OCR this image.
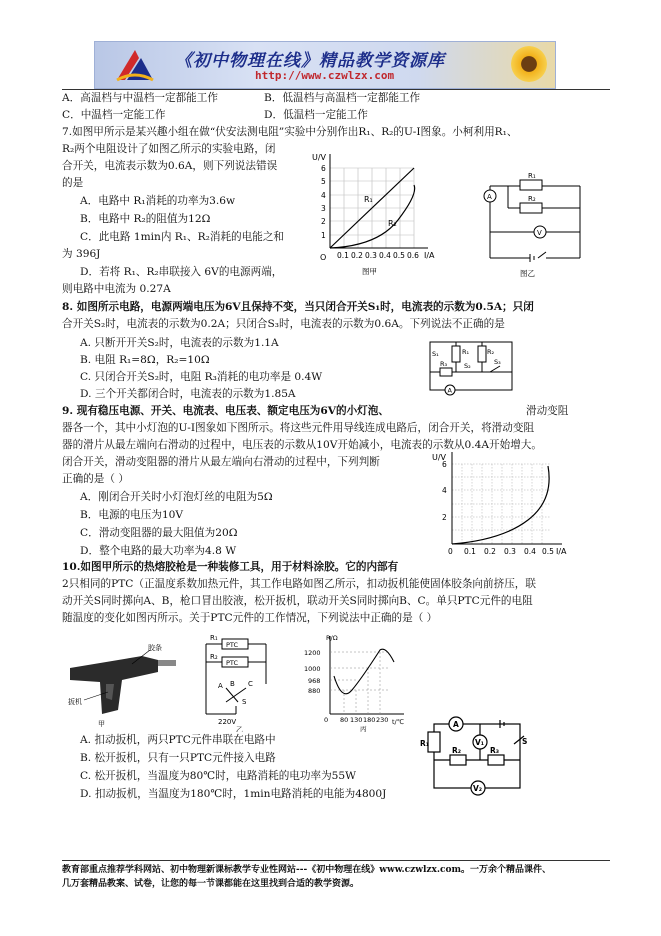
《初中物理在线》精品教学资源库
http://www.czwlzx.com
A．高温档与中温档一定都能工作	B．低温档与高温档一定都能工作
C．中温档一定能工作	D．低温档一定能工作
7.如图甲所示是某兴趣小组在做“伏安法测电阻”实验中分别作出R₁、R₂的U-I图象。小柯利用R₁、
R₂两个电阻设计了如图乙所示的实验电路，闭
合开关，电流表示数为0.6A，则下列说法错误
的是
A．电路中 R₁消耗的功率为3.6w
B．电路中 R₂的阻值为12Ω
C．此电路 1min内 R₁、R₂消耗的电能之和
为 396J
D．若将 R₁、R₂串联接入 6V的电源两端，
则电路中电流为 0.27A
U/V
I/A
R₁
R₂
O
6
5
4
3
2
1
0.1 0.2 0.3 0.4 0.5 0.6
图甲
A
V
R₁
R₂
图乙
8. 如图所示电路，电源两端电压为6V且保持不变，当只闭合开关S₁时，电流表的示数为0.5A；只闭
合开关S₂时，电流表的示数为0.2A；只闭合S₃时，电流表的示数为0.6A。下列说法不正确的是
A. 只断开开关S₂时，电流表的示数为1.1A
B. 电阻 R₁=8Ω，R₂=10Ω
C. 只闭合开关S₂时，电阻 R₃消耗的电功率是 0.4W
D. 三个开关都闭合时，电流表的示数为1.85A
S₁	R₁	R₂
S₂
R₃	S₃
A
9. 现有稳压电源、开关、电流表、电压表、额定电压为6V的小灯泡、	滑动变阻
器各一个，其中小灯泡的U-I图象如下图所示。将这些元件用导线连成电路后，闭合开关，将滑动变阻
器的滑片从最左端向右滑动的过程中，电压表的示数从10V开始减小，电流表的示数从0.4A开始增大。
闭合开关，滑动变阻器的滑片从最左端向右滑动的过程中，下列判断
正确的是（ ）
A．刚闭合开关时小灯泡灯丝的电阻为5Ω
B．电源的电压为10V
C．滑动变阻器的最大阻值为20Ω
D．整个电路的最大功率为4.8 W
U/V
I/A
6
4
2
0 0.1 0.2 0.3 0.4 0.5
10.如图甲所示的热熔胶枪是一种装修工具，用于材料涂胶。它的内部有
2只相同的PTC（正温度系数加热元件，其工作电路如图乙所示，扣动扳机能使固体胶条向前挤压，联
动开关S同时掷向A、B，枪口冒出胶液，松开扳机，联动开关S同时掷向B、C。单只PTC元件的电阻
随温度的变化如图丙所示。关于PTC元件的工作情况，下列说法中正确的是（ ）
胶条
扳机
甲
PTC
PTC
R₁
R₂
A B C
S
220V
乙
R/Ω
t/℃
1200
1000
968
880
80 130 180 230
0
丙
A. 扣动扳机，两只PTC元件串联在电路中
B. 松开扳机，只有一只PTC元件接入电路
C. 松开扳机，当温度为80℃时，电路消耗的电功率为55W
D. 扣动扳机，当温度为180℃时，1min电路消耗的电能为4800J
A
R₁
R₂
V₁	S
R₃
V₂
教育部重点推荐学科网站、初中物理新课标教学专业性网站---《初中物理在线》www.czwlzx.com。一万余个精品课件、
几万套精品教案、试卷，让您的每一节课都能在这里找到合适的教学资源。
